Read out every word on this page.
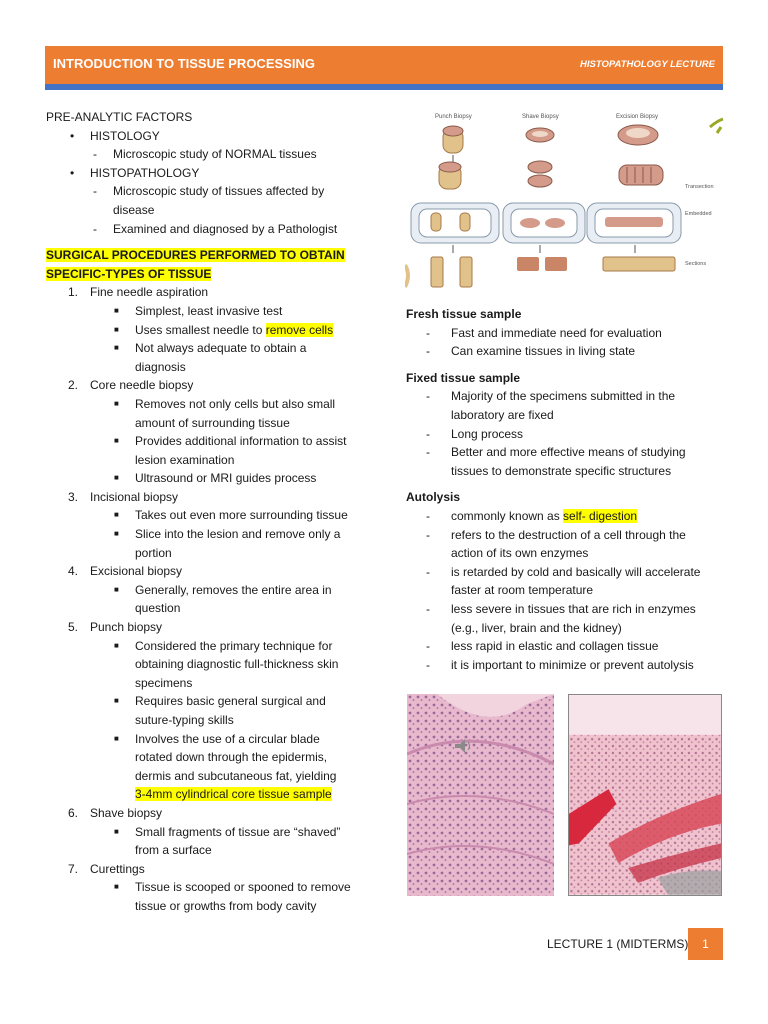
INTRODUCTION TO TISSUE PROCESSING	HISTOPATHOLOGY LECTURE
PRE-ANALYTIC FACTORS
• HISTOLOGY
- Microscopic study of NORMAL tissues
• HISTOPATHOLOGY
- Microscopic study of tissues affected by
disease
- Examined and diagnosed by a Pathologist
SURGICAL PROCEDURES PERFORMED TO OBTAIN
SPECIFIC-TYPES OF TISSUE
1. Fine needle aspiration
■ Simplest, least invasive test
■ Uses smallest needle to remove cells
■ Not always adequate to obtain a
diagnosis
2. Core needle biopsy
■ Removes not only cells but also small
amount of surrounding tissue
■ Provides additional information to assist
lesion examination
■ Ultrasound or MRI guides process
3. Incisional biopsy
■ Takes out even more surrounding tissue
■ Slice into the lesion and remove only a
portion
4. Excisional biopsy
■ Generally, removes the entire area in
question
5. Punch biopsy
■ Considered the primary technique for
obtaining diagnostic full-thickness skin
specimens
■ Requires basic general surgical and
suture-typing skills
■ Involves the use of a circular blade
rotated down through the epidermis,
dermis and subcutaneous fat, yielding
3-4mm cylindrical core tissue sample
6. Shave biopsy
■ Small fragments of tissue are “shaved”
from a surface
7. Curettings
■ Tissue is scooped or spooned to remove
tissue or growths from body cavity
Punch Biopsy	Shave Biopsy	Excision Biopsy
Transection
Embedded
Sections
Fresh tissue sample
- Fast and immediate need for evaluation
- Can examine tissues in living state
Fixed tissue sample
- Majority of the specimens submitted in the
laboratory are fixed
- Long process
- Better and more effective means of studying
tissues to demonstrate specific structures
Autolysis
- commonly known as self- digestion
- refers to the destruction of a cell through the
action of its own enzymes
- is retarded by cold and basically will accelerate
faster at room temperature
- less severe in tissues that are rich in enzymes
(e.g., liver, brain and the kidney)
- less rapid in elastic and collagen tissue
- it is important to minimize or prevent autolysis
LECTURE 1 (MIDTERMS)	1
